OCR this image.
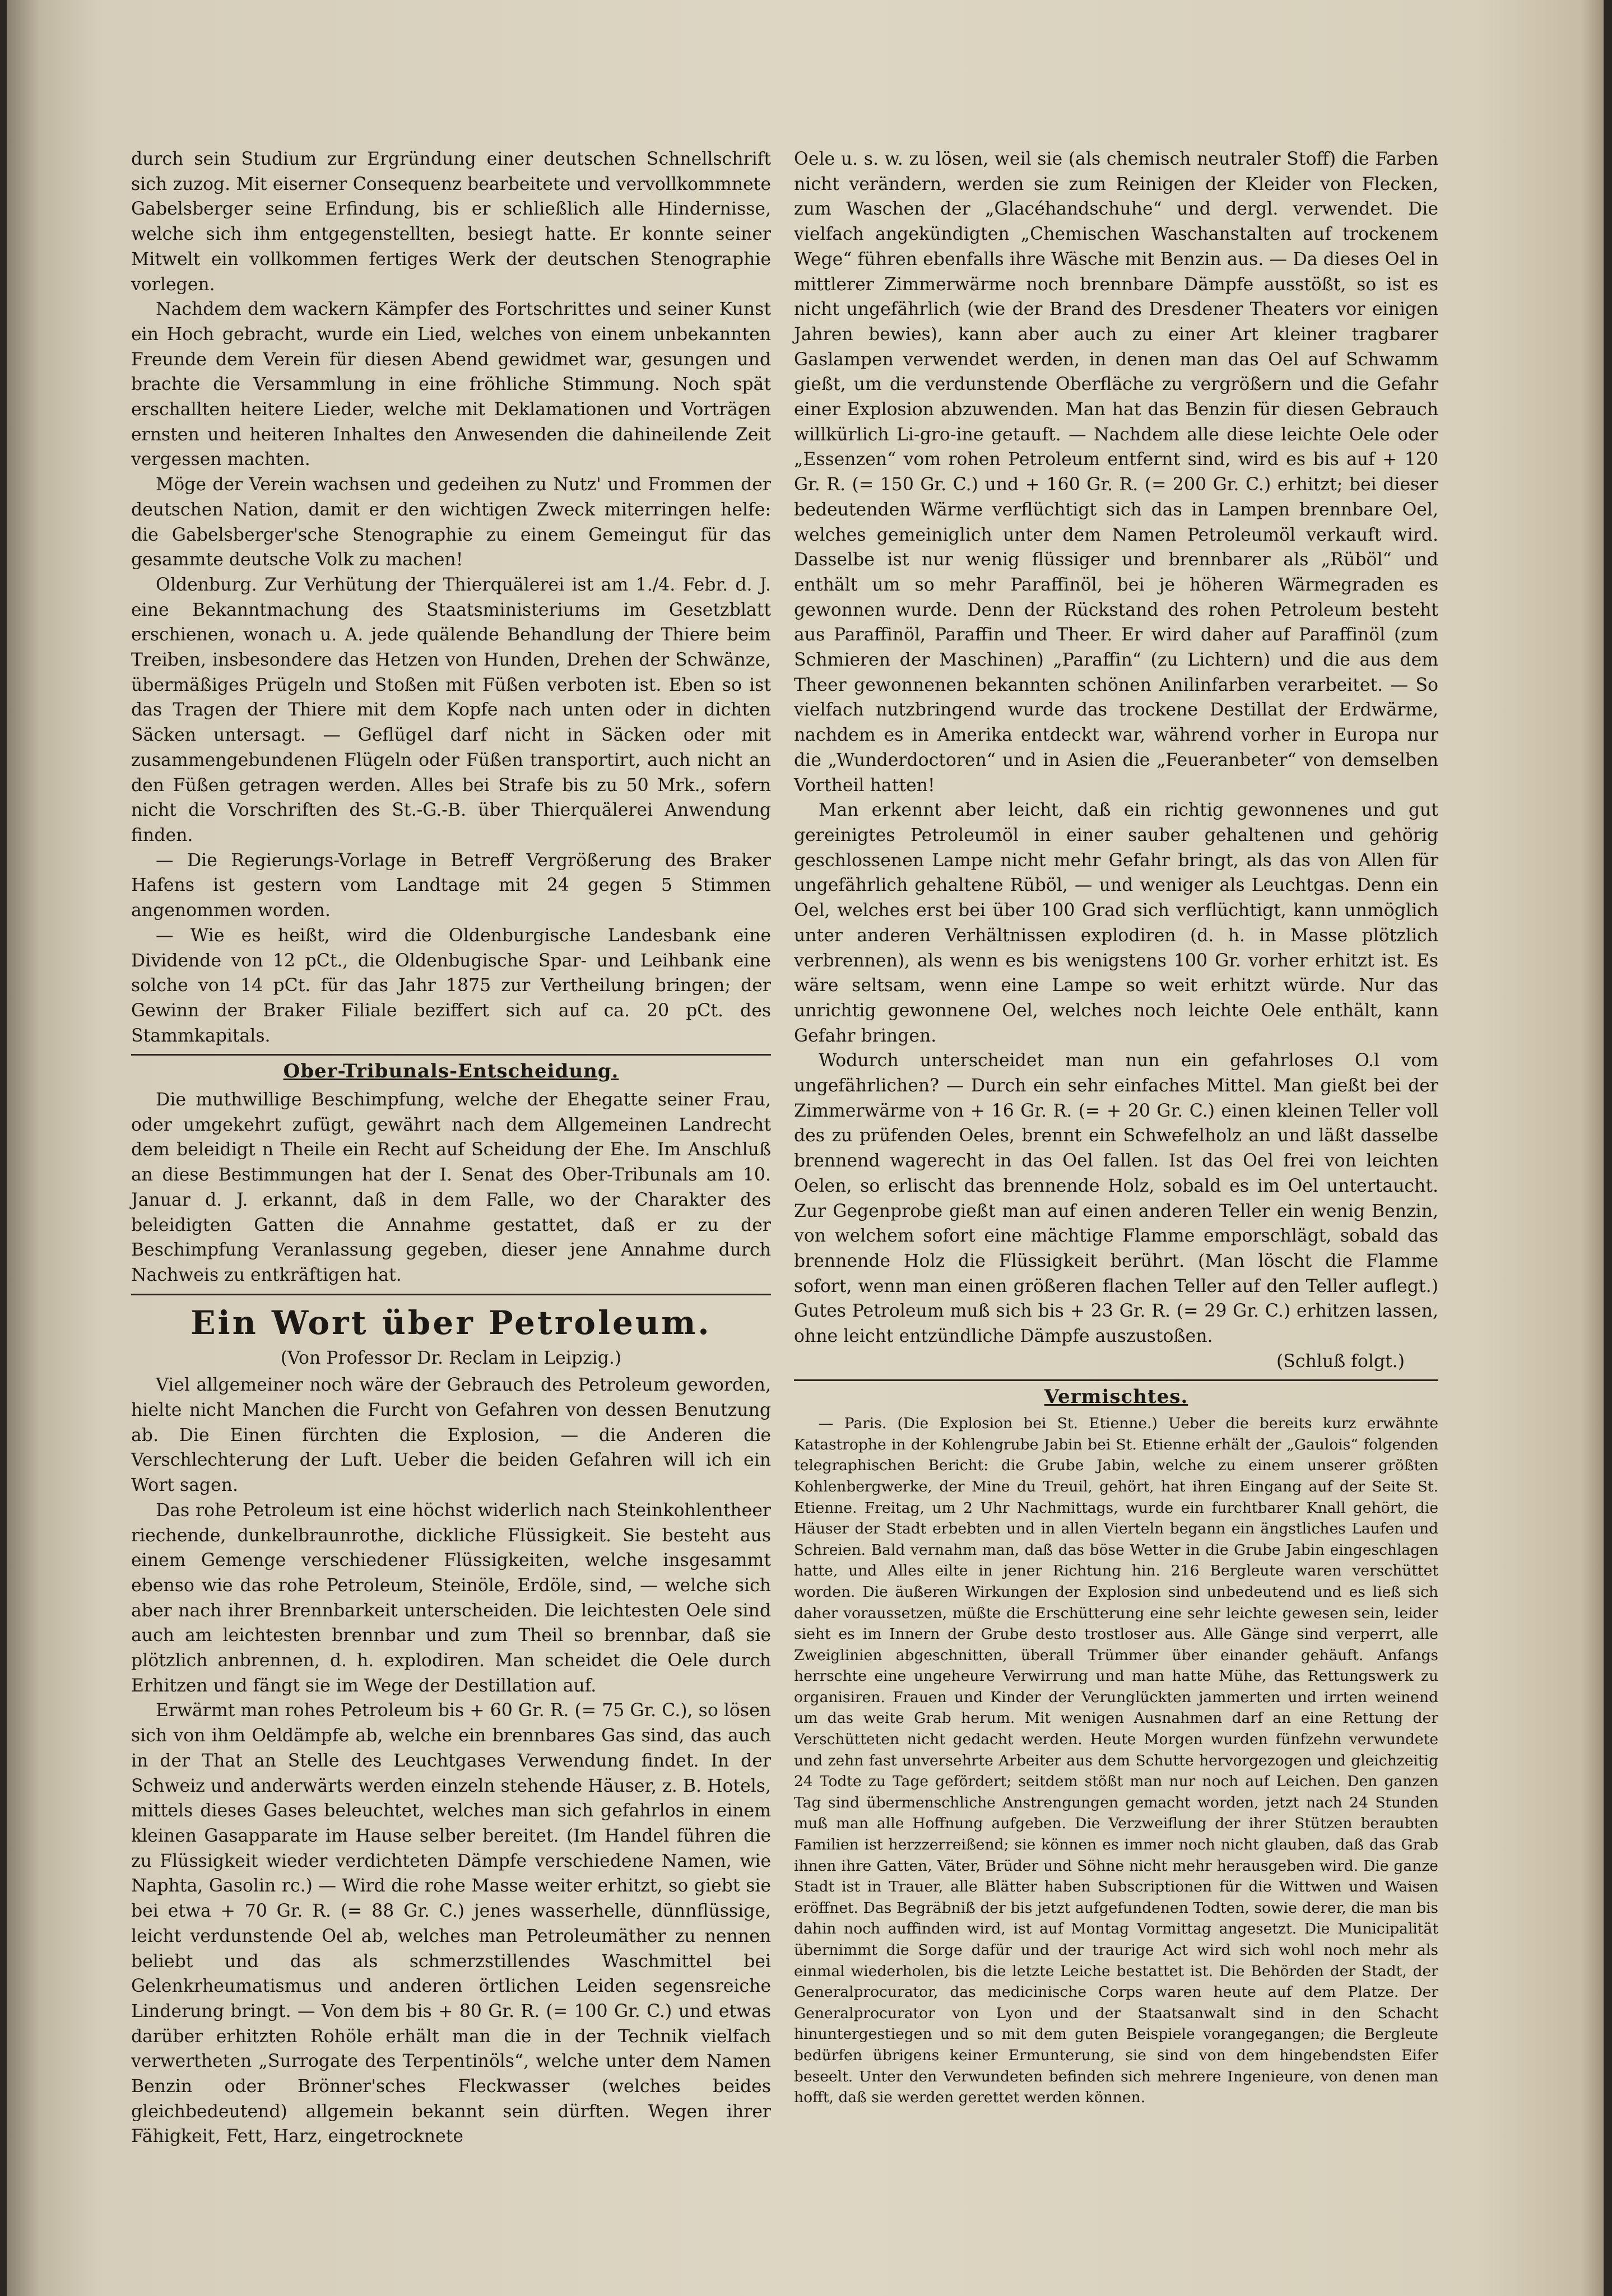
durch sein Studium zur Ergründung einer deutschen Schnellschrift sich zuzog. Mit eiserner Consequenz bearbeitete und vervollkommnete Gabelsberger seine Erfindung, bis er schließlich alle Hindernisse, welche sich ihm entgegenstellten, besiegt hatte. Er konnte seiner Mitwelt ein vollkommen fertiges Werk der deutschen Stenographie vorlegen.

Nachdem dem wackern Kämpfer des Fortschrittes und seiner Kunst ein Hoch gebracht, wurde ein Lied, welches von einem unbekannten Freunde dem Verein für diesen Abend gewidmet war, gesungen und brachte die Versammlung in eine fröhliche Stimmung. Noch spät erschallten heitere Lieder, welche mit Deklamationen und Vorträgen ernsten und heiteren Inhaltes den Anwesenden die dahineilende Zeit vergessen machten.

Möge der Verein wachsen und gedeihen zu Nutz' und Frommen der deutschen Nation, damit er den wichtigen Zweck miterringen helfe: die Gabelsberger'sche Stenographie zu einem Gemeingut für das gesammte deutsche Volk zu machen!

Oldenburg. Zur Verhütung der Thierquälerei ist am 1./4. Febr. d. J. eine Bekanntmachung des Staatsministeriums im Gesetzblatt erschienen, wonach u. A. jede quälende Behandlung der Thiere beim Treiben, insbesondere das Hetzen von Hunden, Drehen der Schwänze, übermäßiges Prügeln und Stoßen mit Füßen verboten ist. Eben so ist das Tragen der Thiere mit dem Kopfe nach unten oder in dichten Säcken untersagt. — Geflügel darf nicht in Säcken oder mit zusammengebundenen Flügeln oder Füßen transportirt, auch nicht an den Füßen getragen werden. Alles bei Strafe bis zu 50 Mrk., sofern nicht die Vorschriften des St.-G.-B. über Thierquälerei Anwendung finden.

— Die Regierungs-Vorlage in Betreff Vergrößerung des Braker Hafens ist gestern vom Landtage mit 24 gegen 5 Stimmen angenommen worden.

— Wie es heißt, wird die Oldenburgische Landesbank eine Dividende von 12 pCt., die Oldenbugische Spar- und Leihbank eine solche von 14 pCt. für das Jahr 1875 zur Vertheilung bringen; der Gewinn der Braker Filiale beziffert sich auf ca. 20 pCt. des Stammkapitals.

Ober-Tribunals-Entscheidung.

Die muthwillige Beschimpfung, welche der Ehegatte seiner Frau, oder umgekehrt zufügt, gewährt nach dem Allgemeinen Landrecht dem beleidigt n Theile ein Recht auf Scheidung der Ehe. Im Anschluß an diese Bestimmungen hat der I. Senat des Ober-Tribunals am 10. Januar d. J. erkannt, daß in dem Falle, wo der Charakter des beleidigten Gatten die Annahme gestattet, daß er zu der Beschimpfung Veranlassung gegeben, dieser jene Annahme durch Nachweis zu entkräftigen hat.

Ein Wort über Petroleum.
(Von Professor Dr. Reclam in Leipzig.)

Viel allgemeiner noch wäre der Gebrauch des Petroleum geworden, hielte nicht Manchen die Furcht von Gefahren von dessen Benutzung ab. Die Einen fürchten die Explosion, — die Anderen die Verschlechterung der Luft. Ueber die beiden Gefahren will ich ein Wort sagen.

Das rohe Petroleum ist eine höchst widerlich nach Steinkohlentheer riechende, dunkelbraunrothe, dickliche Flüssigkeit. Sie besteht aus einem Gemenge verschiedener Flüssigkeiten, welche insgesammt ebenso wie das rohe Petroleum, Steinöle, Erdöle, sind, — welche sich aber nach ihrer Brennbarkeit unterscheiden. Die leichtesten Oele sind auch am leichtesten brennbar und zum Theil so brennbar, daß sie plötzlich anbrennen, d. h. explodiren. Man scheidet die Oele durch Erhitzen und fängt sie im Wege der Destillation auf.

Erwärmt man rohes Petroleum bis + 60 Gr. R. (= 75 Gr. C.), so lösen sich von ihm Oeldämpfe ab, welche ein brennbares Gas sind, das auch in der That an Stelle des Leuchtgases Verwendung findet. In der Schweiz und anderwärts werden einzeln stehende Häuser, z. B. Hotels, mittels dieses Gases beleuchtet, welches man sich gefahrlos in einem kleinen Gasapparate im Hause selber bereitet. (Im Handel führen die zu Flüssigkeit wieder verdichteten Dämpfe verschiedene Namen, wie Naphta, Gasolin rc.) — Wird die rohe Masse weiter erhitzt, so giebt sie bei etwa + 70 Gr. R. (= 88 Gr. C.) jenes wasserhelle, dünnflüssige, leicht verdunstende Oel ab, welches man Petroleumäther zu nennen beliebt und das als schmerzstillendes Waschmittel bei Gelenkrheumatismus und anderen örtlichen Leiden segensreiche Linderung bringt. — Von dem bis + 80 Gr. R. (= 100 Gr. C.) und etwas darüber erhitzten Rohöle erhält man die in der Technik vielfach verwertheten „Surrogate des Terpentinöls“, welche unter dem Namen Benzin oder Brönner'sches Fleckwasser (welches beides gleichbedeutend) allgemein bekannt sein dürften. Wegen ihrer Fähigkeit, Fett, Harz, eingetrocknete

Oele u. s. w. zu lösen, weil sie (als chemisch neutraler Stoff) die Farben nicht verändern, werden sie zum Reinigen der Kleider von Flecken, zum Waschen der „Glacéhandschuhe“ und dergl. verwendet. Die vielfach angekündigten „Chemischen Waschanstalten auf trockenem Wege“ führen ebenfalls ihre Wäsche mit Benzin aus. — Da dieses Oel in mittlerer Zimmerwärme noch brennbare Dämpfe ausstößt, so ist es nicht ungefährlich (wie der Brand des Dresdener Theaters vor einigen Jahren bewies), kann aber auch zu einer Art kleiner tragbarer Gaslampen verwendet werden, in denen man das Oel auf Schwamm gießt, um die verdunstende Oberfläche zu vergrößern und die Gefahr einer Explosion abzuwenden. Man hat das Benzin für diesen Gebrauch willkürlich Li-gro-ine getauft. — Nachdem alle diese leichte Oele oder „Essenzen“ vom rohen Petroleum entfernt sind, wird es bis auf + 120 Gr. R. (= 150 Gr. C.) und + 160 Gr. R. (= 200 Gr. C.) erhitzt; bei dieser bedeutenden Wärme verflüchtigt sich das in Lampen brennbare Oel, welches gemeiniglich unter dem Namen Petroleumöl verkauft wird. Dasselbe ist nur wenig flüssiger und brennbarer als „Rüböl“ und enthält um so mehr Paraffinöl, bei je höheren Wärmegraden es gewonnen wurde. Denn der Rückstand des rohen Petroleum besteht aus Paraffinöl, Paraffin und Theer. Er wird daher auf Paraffinöl (zum Schmieren der Maschinen) „Paraffin“ (zu Lichtern) und die aus dem Theer gewonnenen bekannten schönen Anilinfarben verarbeitet. — So vielfach nutzbringend wurde das trockene Destillat der Erdwärme, nachdem es in Amerika entdeckt war, während vorher in Europa nur die „Wunderdoctoren“ und in Asien die „Feueranbeter“ von demselben Vortheil hatten!

Man erkennt aber leicht, daß ein richtig gewonnenes und gut gereinigtes Petroleumöl in einer sauber gehaltenen und gehörig geschlossenen Lampe nicht mehr Gefahr bringt, als das von Allen für ungefährlich gehaltene Rüböl, — und weniger als Leuchtgas. Denn ein Oel, welches erst bei über 100 Grad sich verflüchtigt, kann unmöglich unter anderen Verhältnissen explodiren (d. h. in Masse plötzlich verbrennen), als wenn es bis wenigstens 100 Gr. vorher erhitzt ist. Es wäre seltsam, wenn eine Lampe so weit erhitzt würde. Nur das unrichtig gewonnene Oel, welches noch leichte Oele enthält, kann Gefahr bringen.

Wodurch unterscheidet man nun ein gefahrloses O.l vom ungefährlichen? — Durch ein sehr einfaches Mittel. Man gießt bei der Zimmerwärme von + 16 Gr. R. (= + 20 Gr. C.) einen kleinen Teller voll des zu prüfenden Oeles, brennt ein Schwefelholz an und läßt dasselbe brennend wagerecht in das Oel fallen. Ist das Oel frei von leichten Oelen, so erlischt das brennende Holz, sobald es im Oel untertaucht. Zur Gegenprobe gießt man auf einen anderen Teller ein wenig Benzin, von welchem sofort eine mächtige Flamme emporschlägt, sobald das brennende Holz die Flüssigkeit berührt. (Man löscht die Flamme sofort, wenn man einen größeren flachen Teller auf den Teller auflegt.) Gutes Petroleum muß sich bis + 23 Gr. R. (= 29 Gr. C.) erhitzen lassen, ohne leicht entzündliche Dämpfe auszustoßen.

(Schluß folgt.)

Vermischtes.

— Paris. (Die Explosion bei St. Etienne.) Ueber die bereits kurz erwähnte Katastrophe in der Kohlengrube Jabin bei St. Etienne erhält der „Gaulois“ folgenden telegraphischen Bericht: die Grube Jabin, welche zu einem unserer größten Kohlenbergwerke, der Mine du Treuil, gehört, hat ihren Eingang auf der Seite St. Etienne. Freitag, um 2 Uhr Nachmittags, wurde ein furchtbarer Knall gehört, die Häuser der Stadt erbebten und in allen Vierteln begann ein ängstliches Laufen und Schreien. Bald vernahm man, daß das böse Wetter in die Grube Jabin eingeschlagen hatte, und Alles eilte in jener Richtung hin. 216 Bergleute waren verschüttet worden. Die äußeren Wirkungen der Explosion sind unbedeutend und es ließ sich daher voraussetzen, müßte die Erschütterung eine sehr leichte gewesen sein, leider sieht es im Innern der Grube desto trostloser aus. Alle Gänge sind verperrt, alle Zweiglinien abgeschnitten, überall Trümmer über einander gehäuft. Anfangs herrschte eine ungeheure Verwirrung und man hatte Mühe, das Rettungswerk zu organisiren. Frauen und Kinder der Verunglückten jammerten und irrten weinend um das weite Grab herum. Mit wenigen Ausnahmen darf an eine Rettung der Verschütteten nicht gedacht werden. Heute Morgen wurden fünfzehn verwundete und zehn fast unversehrte Arbeiter aus dem Schutte hervorgezogen und gleichzeitig 24 Todte zu Tage gefördert; seitdem stößt man nur noch auf Leichen. Den ganzen Tag sind übermenschliche Anstrengungen gemacht worden, jetzt nach 24 Stunden muß man alle Hoffnung aufgeben. Die Verzweiflung der ihrer Stützen beraubten Familien ist herzzerreißend; sie können es immer noch nicht glauben, daß das Grab ihnen ihre Gatten, Väter, Brüder und Söhne nicht mehr herausgeben wird. Die ganze Stadt ist in Trauer, alle Blätter haben Subscriptionen für die Wittwen und Waisen eröffnet. Das Begräbniß der bis jetzt aufgefundenen Todten, sowie derer, die man bis dahin noch auffinden wird, ist auf Montag Vormittag angesetzt. Die Municipalität übernimmt die Sorge dafür und der traurige Act wird sich wohl noch mehr als einmal wiederholen, bis die letzte Leiche bestattet ist. Die Behörden der Stadt, der Generalprocurator, das medicinische Corps waren heute auf dem Platze. Der Generalprocurator von Lyon und der Staatsanwalt sind in den Schacht hinuntergestiegen und so mit dem guten Beispiele vorangegangen; die Bergleute bedürfen übrigens keiner Ermunterung, sie sind von dem hingebendsten Eifer beseelt. Unter den Verwundeten befinden sich mehrere Ingenieure, von denen man hofft, daß sie werden gerettet werden können.
